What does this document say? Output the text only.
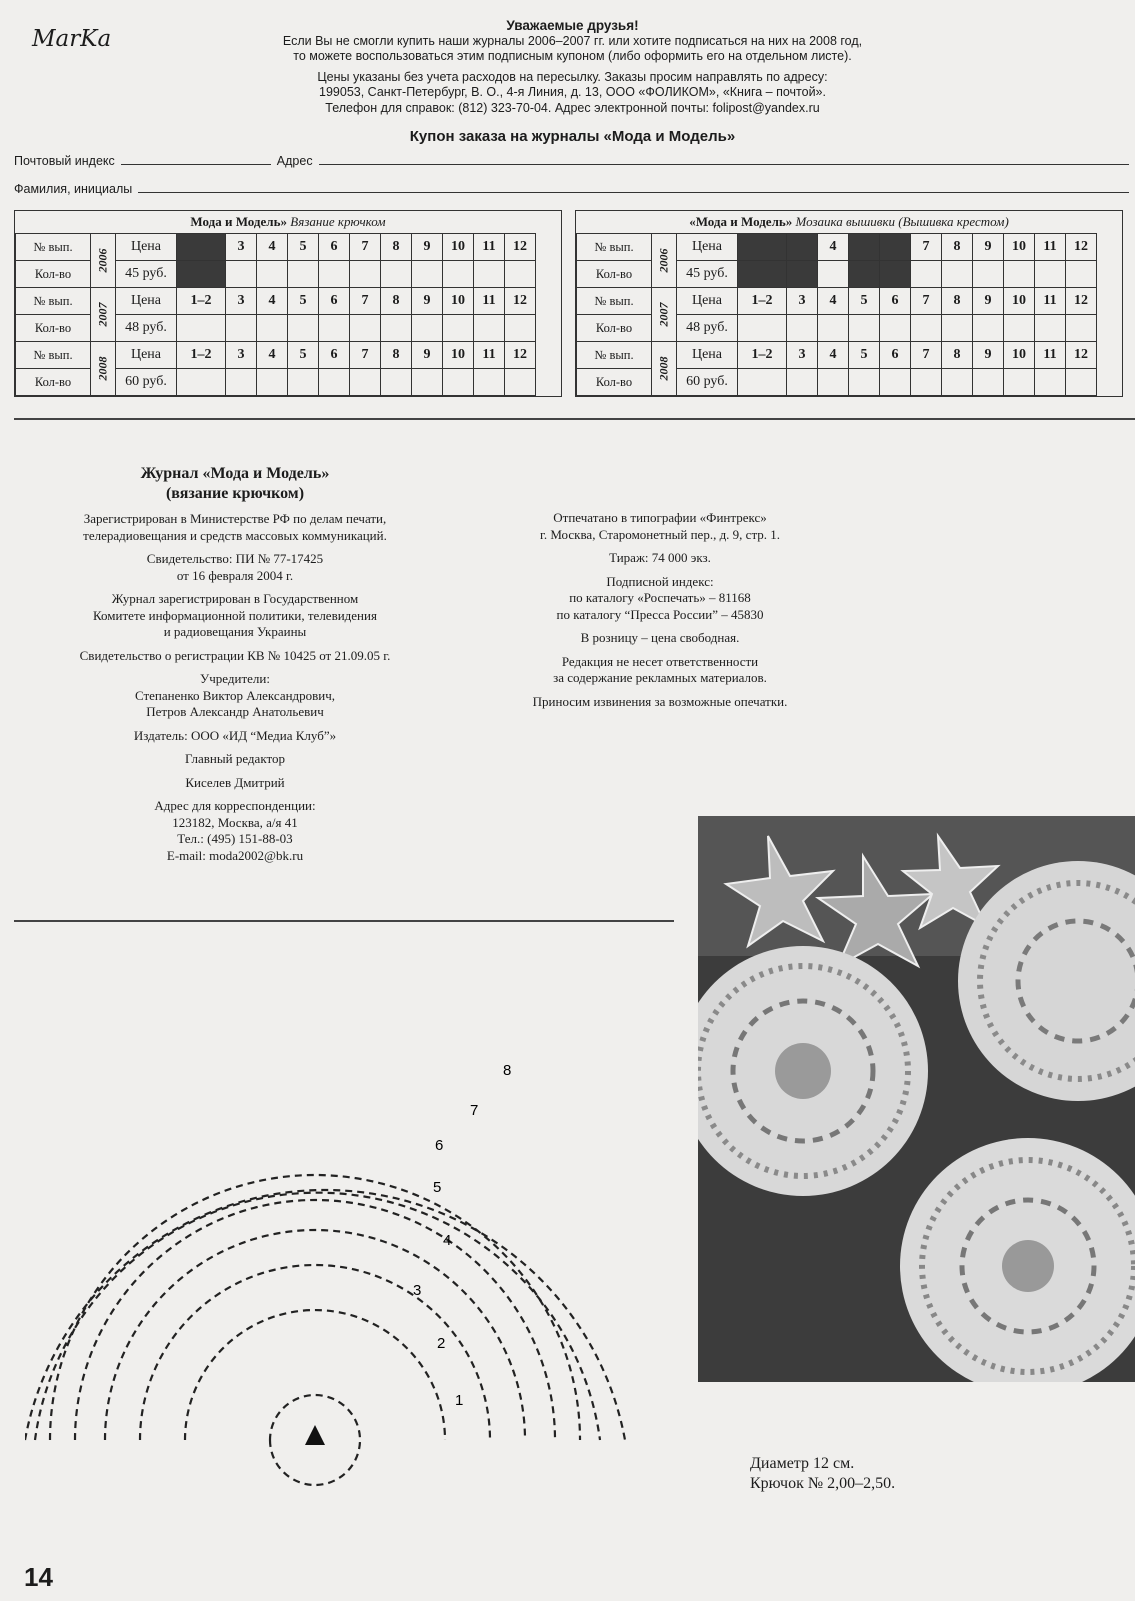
MarKa

Уважаемые друзья!

Если Вы не смогли купить наши журналы 2006–2007 гг. или хотите подписаться на них на 2008 год,

то можете воспользоваться этим подписным купоном (либо оформить его на отдельном листе).

Цены указаны без учета расходов на пересылку. Заказы просим направлять по адресу:

199053, Санкт-Петербург, В. О., 4-я Линия, д. 13, ООО «ФОЛИКОМ», «Книга – почтой».

Телефон для справок: (812) 323-70-04. Адрес электронной почты: folipost@yandex.ru

Купон заказа на журналы «Мода и Модель»
Почтовый индекс	Адрес
Фамилия, инициалы
Мода и Модель» Вязание крючком
№ вып.	2006	Цена		3	4	5	6	7	8	9	10	11	12
Кол-во		45 руб.											
№ вып.	2007	Цена	1–2	3	4	5	6	7	8	9	10	11	12
Кол-во		48 руб.											
№ вып.	2008	Цена	1–2	3	4	5	6	7	8	9	10	11	12
Кол-во		60 руб.											
«Мода и Модель» Мозаика вышивки (Вышивка крестом)
№ вып.	2006	Цена			4			7	8	9	10	11	12
Кол-во		45 руб.											
№ вып.	2007	Цена	1–2	3	4	5	6	7	8	9	10	11	12
Кол-во		48 руб.											
№ вып.	2008	Цена	1–2	3	4	5	6	7	8	9	10	11	12
Кол-во		60 руб.											

Журнал «Мода и Модель»

(вязание крючком)

Зарегистрирован в Министерстве РФ по делам печати,

телерадиовещания и средств массовых коммуникаций.

Свидетельство: ПИ № 77-17425

от 16 февраля 2004 г.

Журнал зарегистрирован в Государственном

Комитете информационной политики, телевидения

и радиовещания Украины

Свидетельство о регистрации КВ № 10425 от 21.09.05 г.

Учредители:

Степаненко Виктор Александрович,

Петров Александр Анатольевич

Издатель: ООО «ИД “Медиа Клуб”»

Главный редактор

Киселев Дмитрий

Адрес для корреспонденции:

123182, Москва, а/я 41

Тел.: (495) 151-88-03

E-mail: moda2002@bk.ru

Отпечатано в типографии «Финтрекс»

г. Москва, Старомонетный пер., д. 9, стр. 1.

Тираж: 74 000 экз.

Подписной индекс:

по каталогу «Роспечать» – 81168

по каталогу “Пресса России” – 45830

В розницу – цена свободная.

Редакция не несет ответственности

за содержание рекламных материалов.

Приносим извинения за возможные опечатки.

8
7
6
5
4
3
2
1
Диаметр 12 см.
Крючок № 2,00–2,50.
14
